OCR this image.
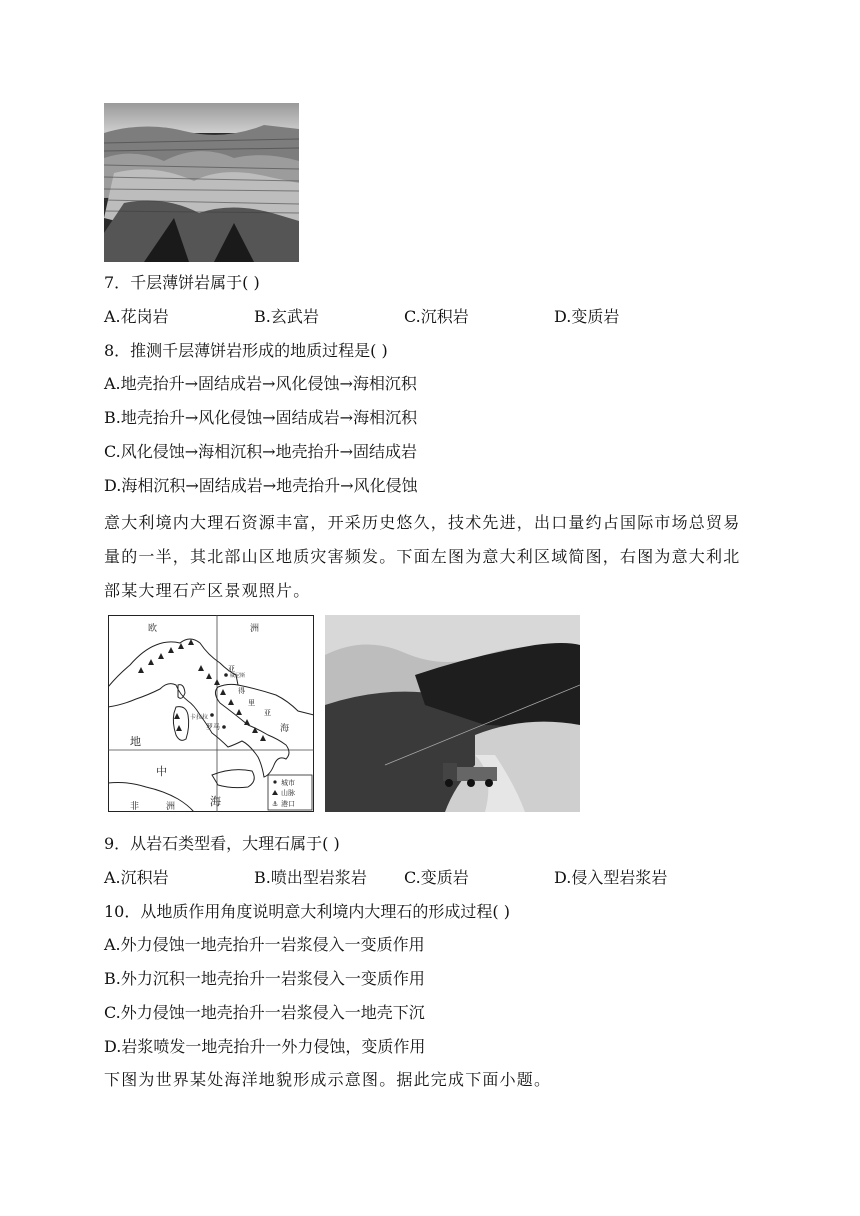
7．千层薄饼岩属于( )
A.花岗岩	B.玄武岩	C.沉积岩	D.变质岩
8．推测千层薄饼岩形成的地质过程是( )
A.地壳抬升→固结成岩→风化侵蚀→海相沉积
B.地壳抬升→风化侵蚀→固结成岩→海相沉积
C.风化侵蚀→海相沉积→地壳抬升→固结成岩
D.海相沉积→固结成岩→地壳抬升→风化侵蚀
意大利境内大理石资源丰富，开采历史悠久，技术先进，出口量约占国际市场总贸易
量的一半，其北部山区地质灾害频发。下面左图为意大利区域简图，右图为意大利北
部某大理石产区景观照片。
欧	洲
威尼斯
亚
得
里
亚
海
卡拉拉
罗马
地
中
海
非	洲
城市
山脉
⚓ 港口
9．从岩石类型看，大理石属于( )
A.沉积岩	B.喷出型岩浆岩 C.变质岩	D.侵入型岩浆岩
10．从地质作用角度说明意大利境内大理石的形成过程( )
A.外力侵蚀一地壳抬升一岩浆侵入一变质作用
B.外力沉积一地壳抬升一岩浆侵入一变质作用
C.外力侵蚀一地壳抬升一岩浆侵入一地壳下沉
D.岩浆喷发一地壳抬升一外力侵蚀，变质作用
下图为世界某处海洋地貌形成示意图。据此完成下面小题。
